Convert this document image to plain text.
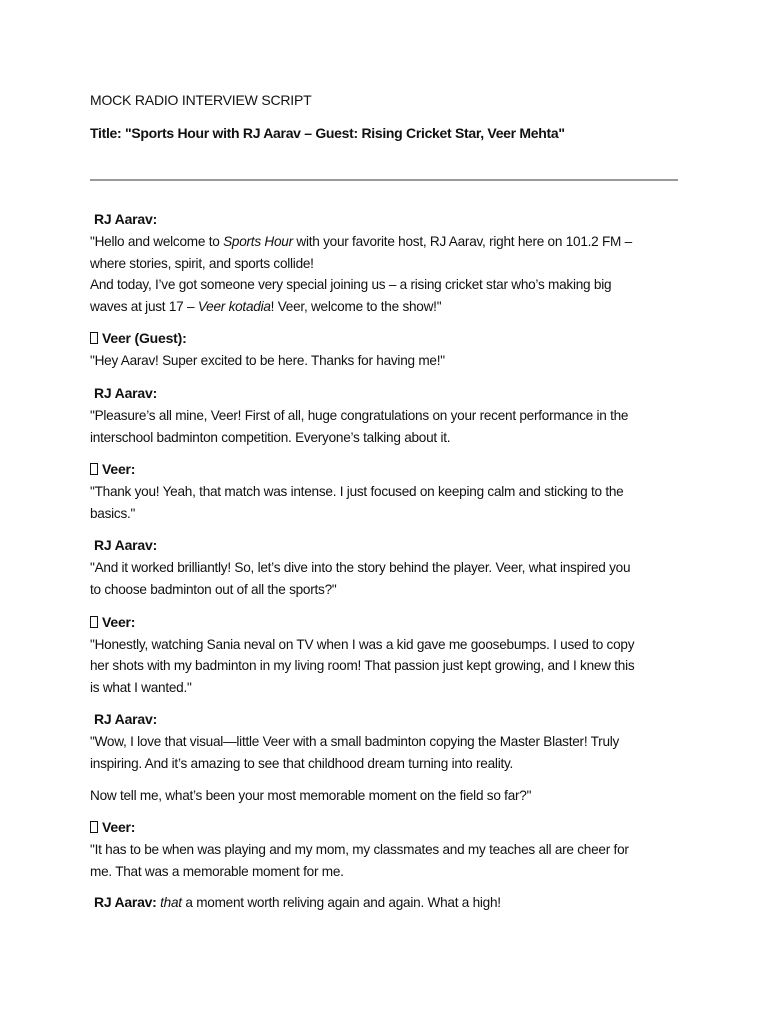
MOCK RADIO INTERVIEW SCRIPT
Title: "Sports Hour with RJ Aarav – Guest: Rising Cricket Star, Veer Mehta"
RJ Aarav:

"Hello and welcome to Sports Hour with your favorite host, RJ Aarav, right here on 101.2 FM –

where stories, spirit, and sports collide!

And today, I’ve got someone very special joining us – a rising cricket star who’s making big

waves at just 17 – Veer kotadia! Veer, welcome to the show!"

Veer (Guest):

"Hey Aarav! Super excited to be here. Thanks for having me!"

RJ Aarav:

"Pleasure’s all mine, Veer! First of all, huge congratulations on your recent performance in the

interschool badminton competition. Everyone’s talking about it.

Veer:

"Thank you! Yeah, that match was intense. I just focused on keeping calm and sticking to the

basics."

RJ Aarav:

"And it worked brilliantly! So, let’s dive into the story behind the player. Veer, what inspired you

to choose badminton out of all the sports?"

Veer:

"Honestly, watching Sania neval on TV when I was a kid gave me goosebumps. I used to copy

her shots with my badminton in my living room! That passion just kept growing, and I knew this

is what I wanted."

RJ Aarav:

"Wow, I love that visual—little Veer with a small badminton copying the Master Blaster! Truly

inspiring. And it’s amazing to see that childhood dream turning into reality.

Now tell me, what’s been your most memorable moment on the field so far?"

Veer:

"It has to be when was playing and my mom, my classmates and my teaches all are cheer for

me. That was a memorable moment for me.

RJ Aarav: that a moment worth reliving again and again. What a high!
